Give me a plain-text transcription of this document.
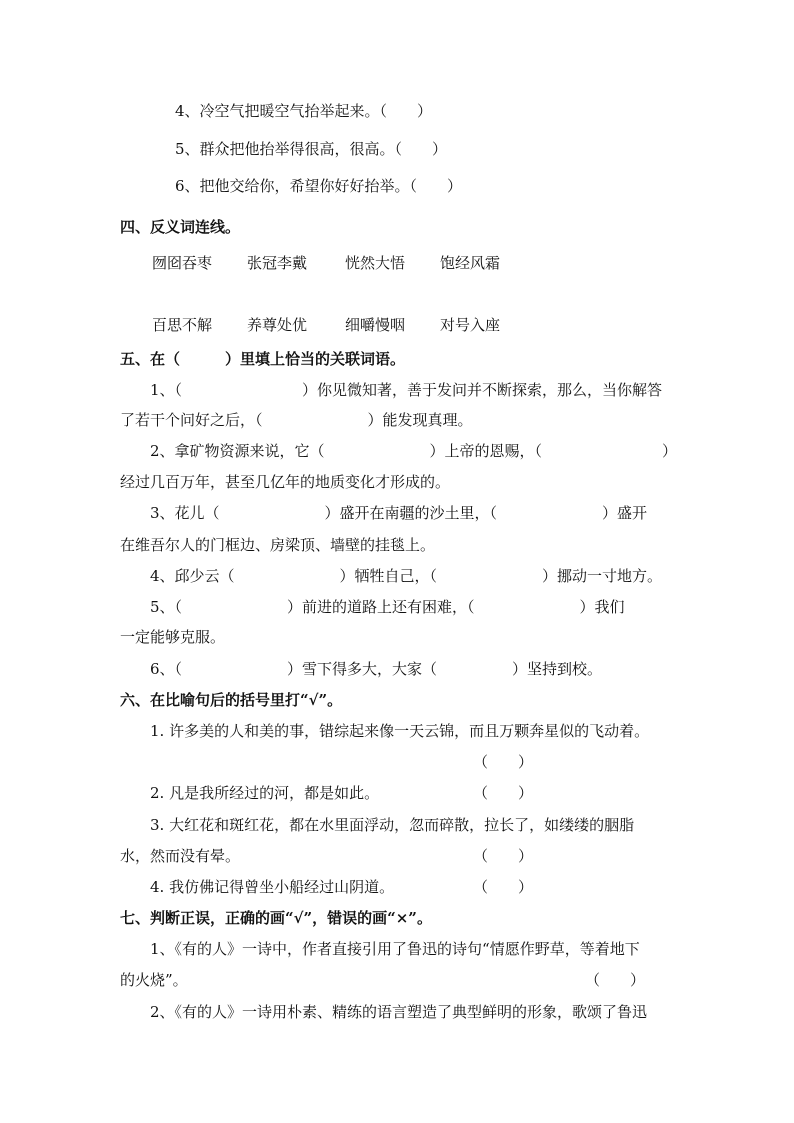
4、冷空气把暖空气抬举起来。（　　）
5、群众把他抬举得很高，很高。（　　）
6、把他交给你，希望你好好抬举。（　　）
四、反义词连线。
囫囵吞枣 张冠李戴	恍然大悟 饱经风霜
百思不解 养尊处优	细嚼慢咽 对号入座
五、在（　　　）里填上恰当的关联词语。
1、（　　　　　　　　）你见微知著，善于发问并不断探索，那么，当你解答
了若干个问好之后，（　　　　　　　）能发现真理。
2、拿矿物资源来说，它（　　　　　　　）上帝的恩赐，（　　　　　　　　）
经过几百万年，甚至几亿年的地质变化才形成的。
3、花儿（　　　　　　　）盛开在南疆的沙土里，（　　　　　　　）盛开
在维吾尔人的门框边、房梁顶、墙壁的挂毯上。
4、邱少云（　　　　　　　）牺牲自己，（　　　　　　　）挪动一寸地方。
5、（　　　　　　　）前进的道路上还有困难，（　　　　　　　）我们
一定能够克服。
6、（　　　　　　　）雪下得多大，大家（　　　　　）坚持到校。
六、在比喻句后的括号里打“√”。
1. 许多美的人和美的事，错综起来像一天云锦，而且万颗奔星似的飞动着。
（　　）
2. 凡是我所经过的河，都是如此。	（　　）
3. 大红花和斑红花，都在水里面浮动，忽而碎散，拉长了，如缕缕的胭脂
水，然而没有晕。	（　　）
4. 我仿佛记得曾坐小船经过山阴道。	（　　）
七、判断正误，正确的画“√”，错误的画“×”。
1、《有的人》一诗中，作者直接引用了鲁迅的诗句“情愿作野草，等着地下
的火烧”。	（　　）
2、《有的人》一诗用朴素、精练的语言塑造了典型鲜明的形象，歌颂了鲁迅
